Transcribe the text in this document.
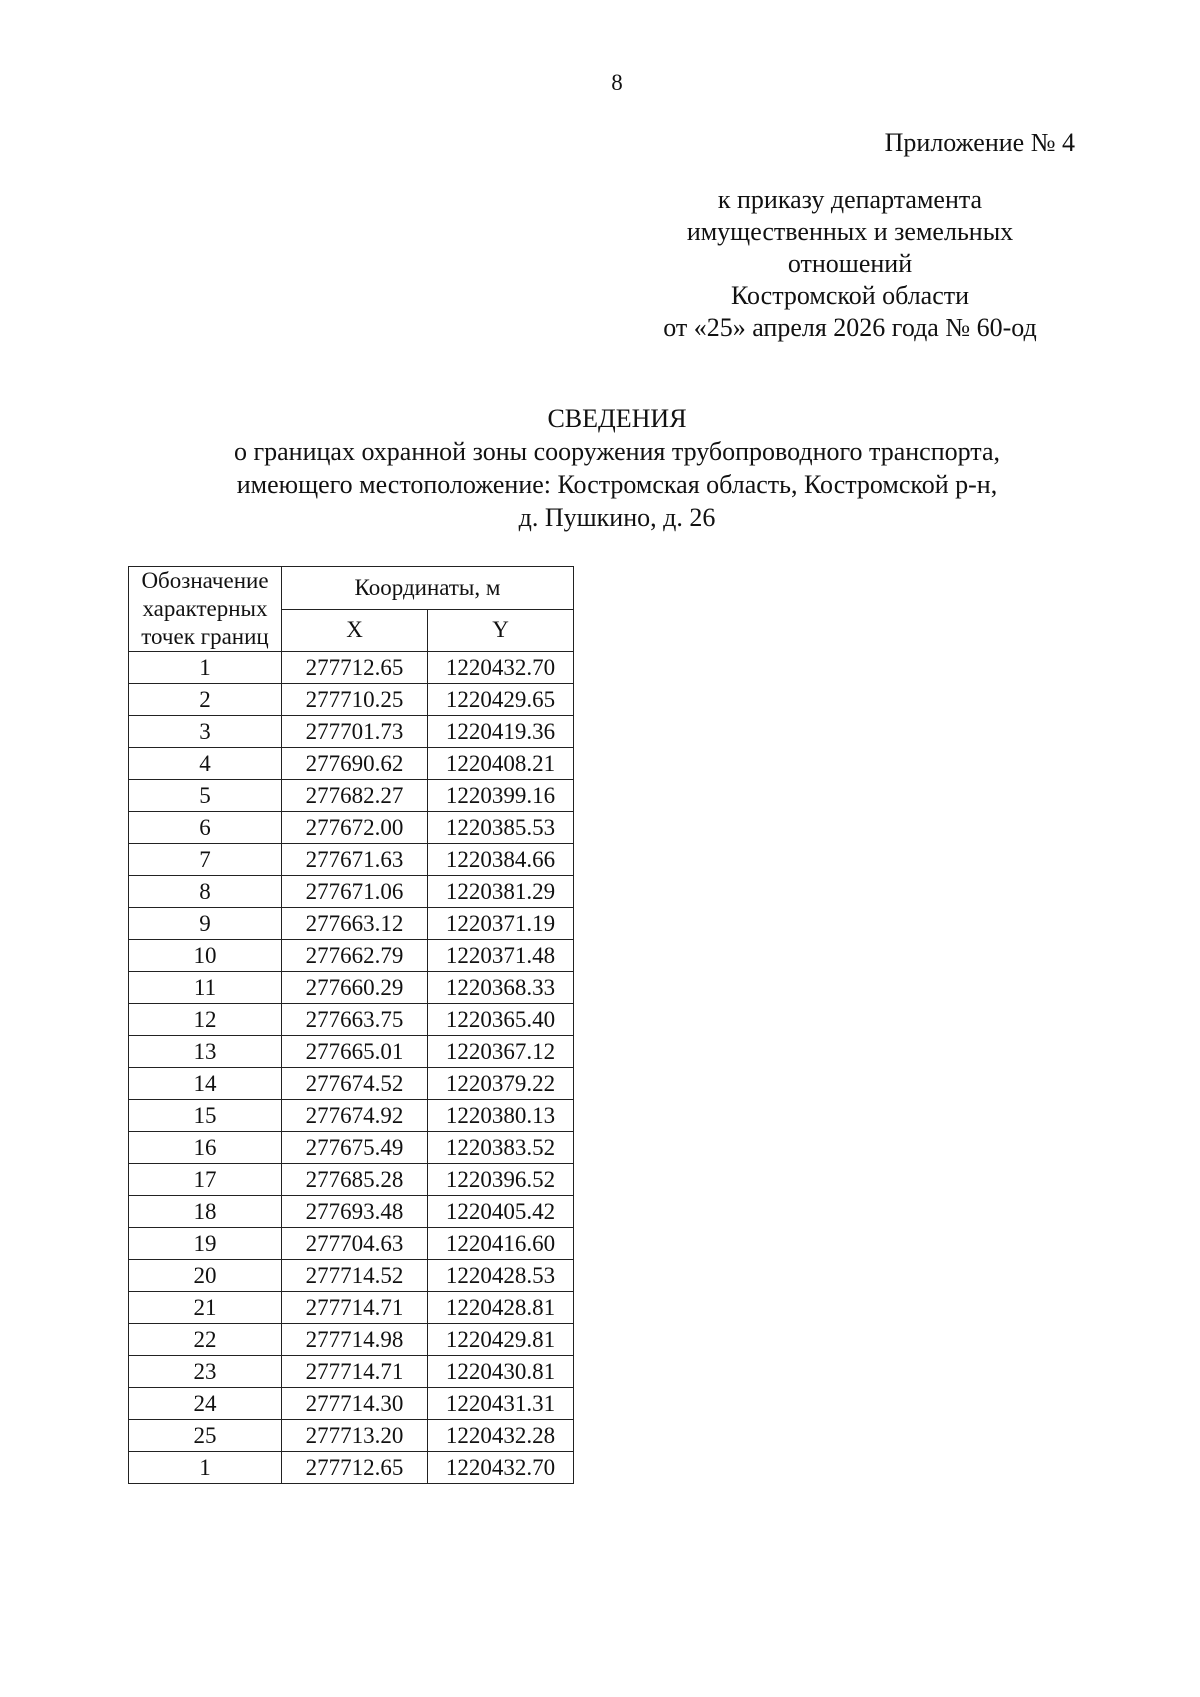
8
Приложение № 4
к приказу департамента
имущественных и земельных
отношений
Костромской области
от «25» апреля 2026 года № 60-од
СВЕДЕНИЯ
о границах охранной зоны сооружения трубопроводного транспорта,
имеющего местоположение: Костромская область, Костромской р-н,
д. Пушкино, д. 26
Обозначение
характерных
точек границ	Координаты, м	
	X	Y
1	277712.65	1220432.70
2	277710.25	1220429.65
3	277701.73	1220419.36
4	277690.62	1220408.21
5	277682.27	1220399.16
6	277672.00	1220385.53
7	277671.63	1220384.66
8	277671.06	1220381.29
9	277663.12	1220371.19
10	277662.79	1220371.48
11	277660.29	1220368.33
12	277663.75	1220365.40
13	277665.01	1220367.12
14	277674.52	1220379.22
15	277674.92	1220380.13
16	277675.49	1220383.52
17	277685.28	1220396.52
18	277693.48	1220405.42
19	277704.63	1220416.60
20	277714.52	1220428.53
21	277714.71	1220428.81
22	277714.98	1220429.81
23	277714.71	1220430.81
24	277714.30	1220431.31
25	277713.20	1220432.28
1	277712.65	1220432.70
